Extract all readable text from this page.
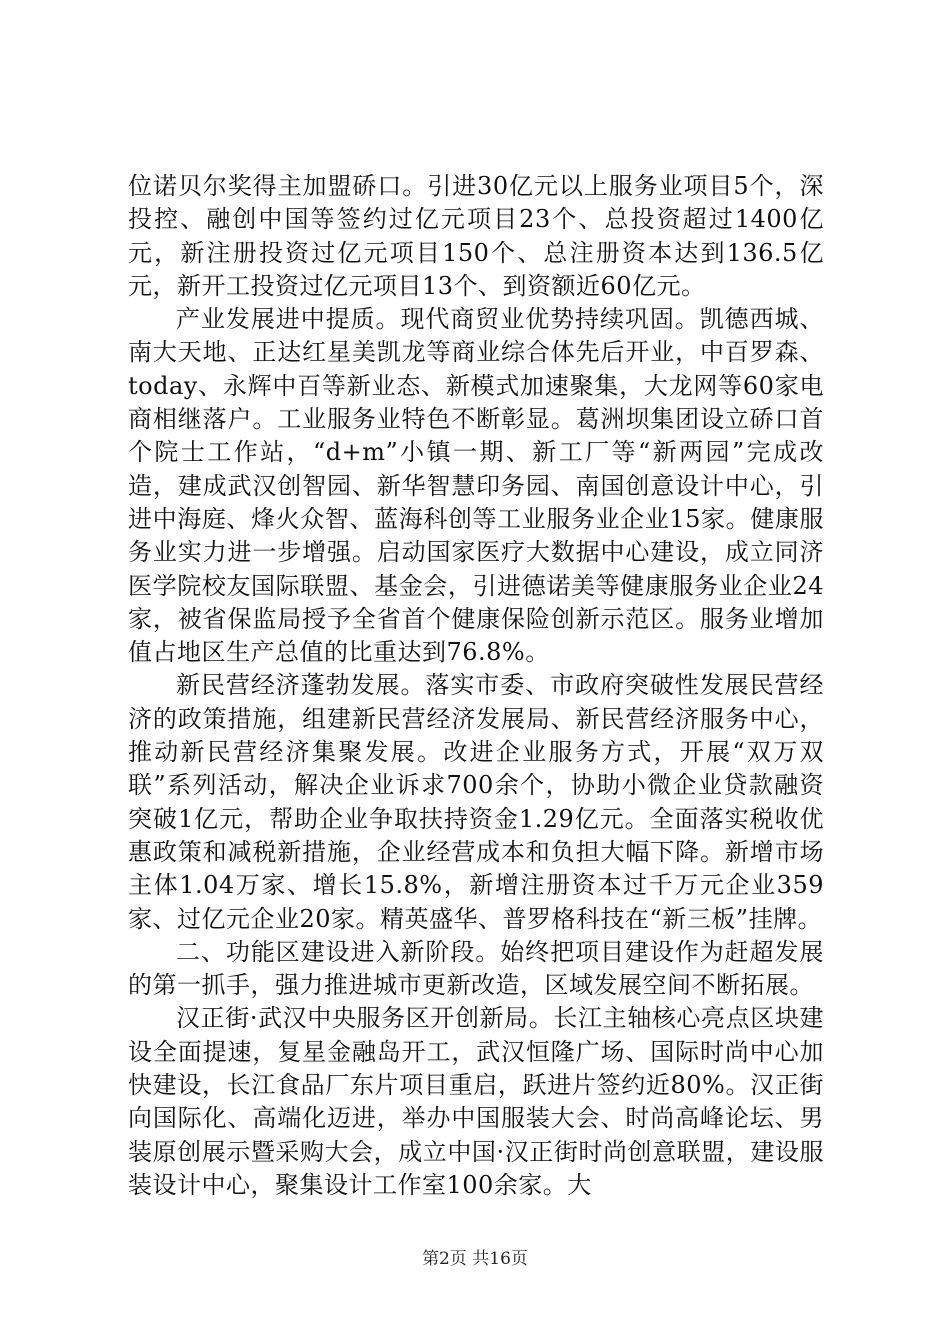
位诺贝尔奖得主加盟硚口。引进30亿元以上服务业项目5个，深投控、融创中国等签约过亿元项目23个、总投资超过1400亿元，新注册投资过亿元项目150个、总注册资本达到136.5亿元，新开工投资过亿元项目13个、到资额近60亿元。

产业发展进中提质。现代商贸业优势持续巩固。凯德西城、南大天地、正达红星美凯龙等商业综合体先后开业，中百罗森、today、永辉中百等新业态、新模式加速聚集，大龙网等60家电商相继落户。工业服务业特色不断彰显。葛洲坝集团设立硚口首个院士工作站，“d+m”小镇一期、新工厂等“新两园”完成改造，建成武汉创智园、新华智慧印务园、南国创意设计中心，引进中海庭、烽火众智、蓝海科创等工业服务业企业15家。健康服务业实力进一步增强。启动国家医疗大数据中心建设，成立同济医学院校友国际联盟、基金会，引进德诺美等健康服务业企业24家，被省保监局授予全省首个健康保险创新示范区。服务业增加值占地区生产总值的比重达到76.8%。

新民营经济蓬勃发展。落实市委、市政府突破性发展民营经济的政策措施，组建新民营经济发展局、新民营经济服务中心，推动新民营经济集聚发展。改进企业服务方式，开展“双万双联”系列活动，解决企业诉求700余个，协助小微企业贷款融资突破1亿元，帮助企业争取扶持资金1.29亿元。全面落实税收优惠政策和减税新措施，企业经营成本和负担大幅下降。新增市场主体1.04万家、增长15.8%，新增注册资本过千万元企业359家、过亿元企业20家。精英盛华、普罗格科技在“新三板”挂牌。

二、功能区建设进入新阶段。始终把项目建设作为赶超发展的第一抓手，强力推进城市更新改造，区域发展空间不断拓展。

汉正街·武汉中央服务区开创新局。长江主轴核心亮点区块建设全面提速，复星金融岛开工，武汉恒隆广场、国际时尚中心加快建设，长江食品厂东片项目重启，跃进片签约近80%。汉正街向国际化、高端化迈进，举办中国服装大会、时尚高峰论坛、男装原创展示暨采购大会，成立中国·汉正街时尚创意联盟，建设服装设计中心，聚集设计工作室100余家。大

第2页 共16页
